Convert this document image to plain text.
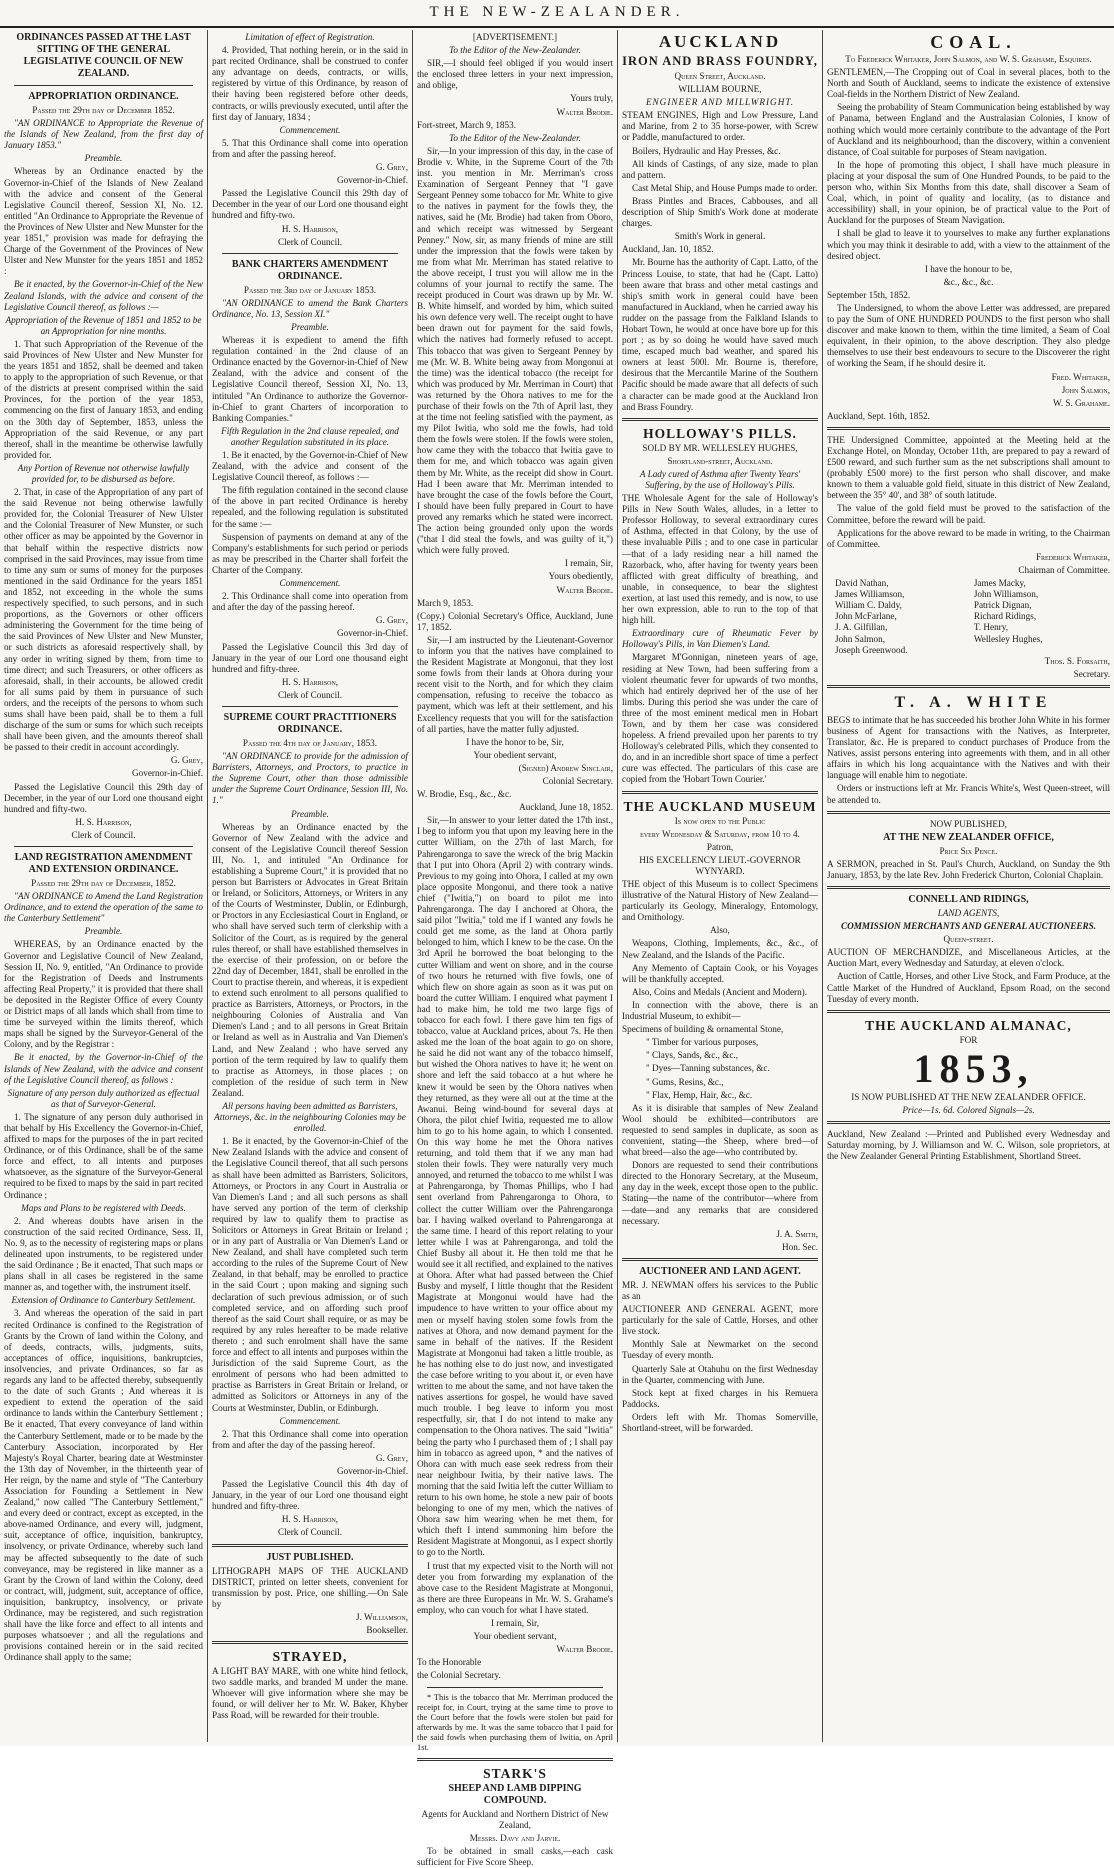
THE NEW-ZEALANDER.

ORDINANCES PASSED AT THE LAST SITTING OF THE GENERAL LEGISLATIVE COUNCIL OF NEW ZEALAND.

APPROPRIATION ORDINANCE.

Passed the 29th day of December 1852.

"AN ORDINANCE to Appropriate the Revenue of the Islands of New Zealand, from the first day of January 1853."

Preamble.

Whereas by an Ordinance enacted by the Governor-in-Chief of the Islands of New Zealand with the advice and consent of the General Legislative Council thereof, Session XI, No. 12. entitled "An Ordinance to Appropriate the Revenue of the Provinces of New Ulster and New Munster for the year 1851," provision was made for defraying the Charge of the Government of the Provinces of New Ulster and New Munster for the years 1851 and 1852 :

Be it enacted, by the Governor-in-Chief of the New Zealand Islands, with the advice and consent of the Legislative Council thereof, as follows :—

Appropriation of the Revenue of 1851 and 1852 to be an Appropriation for nine months.

1. That such Appropriation of the Revenue of the said Provinces of New Ulster and New Munster for the years 1851 and 1852, shall be deemed and taken to apply to the appropriation of such Revenue, or that of the districts at present comprised within the said Provinces, for the portion of the year 1853, commencing on the first of January 1853, and ending on the 30th day of September, 1853, unless the Appropriation of the said Revenue, or any part thereof, shall in the meantime be otherwise lawfully provided for.

Any Portion of Revenue not otherwise lawfully provided for, to be disbursed as before.

2. That, in case of the Appropriation of any part of the said Revenue not being otherwise lawfully provided for, the Colonial Treasurer of New Ulster and the Colonial Treasurer of New Munster, or such other officer as may be appointed by the Governor in that behalf within the respective districts now comprised in the said Provinces, may issue from time to time any sum or sums of money for the purposes mentioned in the said Ordinance for the years 1851 and 1852, not exceeding in the whole the sums respectively specified, to such persons, and in such proportions, as the Governors or other officers administering the Government for the time being of the said Provinces of New Ulster and New Munster, or such districts as aforesaid respectively shall, by any order in writing signed by them, from time to time direct; and such Treasurers, or other officers as aforesaid, shall, in their accounts, be allowed credit for all sums paid by them in pursuance of such orders, and the receipts of the persons to whom such sums shall have been paid, shall be to them a full discharge of the sum or sums for which such receipts shall have been given, and the amounts thereof shall be passed to their credit in account accordingly.

G. Grey,

Governor-in-Chief.

Passed the Legislative Council this 29th day of December, in the year of our Lord one thousand eight hundred and fifty-two.

H. S. Harrison,

Clerk of Council.

LAND REGISTRATION AMENDMENT AND EXTENSION ORDINANCE.

Passed the 29th day of December, 1852.

"AN ORDINANCE to Amend the Land Registration Ordinance, and to extend the operation of the same to the Canterbury Settlement"

Preamble.

WHEREAS, by an Ordinance enacted by the Governor and Legislative Council of New Zealand, Session II, No. 9, entitled, "An Ordinance to provide for the Registration of Deeds and Instruments affecting Real Property," it is provided that there shall be deposited in the Register Office of every County or District maps of all lands which shall from time to time be surveyed within the limits thereof, which maps shall be signed by the Surveyor-General of the Colony, and by the Registrar :

Be it enacted, by the Governor-in-Chief of the Islands of New Zealand, with the advice and consent of the Legislative Council thereof, as follows :

Signature of any person duly authorized as effectual as that of Surveyor-General.

1. The signature of any person duly authorised in that behalf by His Excellency the Governor-in-Chief, affixed to maps for the purposes of the in part recited Ordinance, or of this Ordinance, shall be of the same force and effect, to all intents and purposes whatsoever, as the signature of the Surveyor-General required to be fixed to maps by the said in part recited Ordinance ;

Maps and Plans to be registered with Deeds.

2. And whereas doubts have arisen in the construction of the said recited Ordinance, Sess. II, No. 9, as to the necessity of registering maps or plans delineated upon instruments, to be registered under the said Ordinance ; Be it enacted, That such maps or plans shall in all cases be registered in the same manner as, and together with, the instrument itself.

Extension of Ordinance to Canterbury Settlement.

3. And whereas the operation of the said in part recited Ordinance is confined to the Registration of Grants by the Crown of land within the Colony, and of deeds, contracts, wills, judgments, suits, acceptances of office, inquisitions, bankruptcies, insolvencies, and private Ordinances, so far as regards any land to be affected thereby, subsequently to the date of such Grants ; And whereas it is expedient to extend the operation of the said ordinance to lands within the Canterbury Settlement ; Be it enacted, That every conveyance of land within the Canterbury Settlement, made or to be made by the Canterbury Association, incorporated by Her Majesty's Royal Charter, bearing date at Westminster the 13th day of November, in the thirteenth year of Her reign, by the name and style of "The Canterbury Association for Founding a Settlement in New Zealand," now called "The Canterbury Settlement," and every deed or contract, except as excepted, in the above-named Ordinance, and every will, judgment, suit, acceptance of office, inquisition, bankruptcy, insolvency, or private Ordinance, whereby such land may be affected subsequently to the date of such conveyance, may be registered in like manner as a Grant by the Crown of land within the Colony, deed or contract, will, judgment, suit, acceptance of office, inquisition, bankruptcy, insolvency, or private Ordinance, may be registered, and such registration shall have the like force and effect to all intents and purposes whatsoever ; and all the regulations and provisions contained herein or in the said recited Ordinance shall apply to the same;

Limitation of effect of Registration.

4. Provided, That nothing herein, or in the said in part recited Ordinance, shall be construed to confer any advantage on deeds, contracts, or wills, registered by virtue of this Ordinance, by reason of their having been registered before other deeds, contracts, or wills previously executed, until after the first day of January, 1834 ;

Commencement.

5. That this Ordinance shall come into operation from and after the passing hereof.

G. Grey,

Governor-in-Chief.

Passed the Legislative Council this 29th day of December in the year of our Lord one thousand eight hundred and fifty-two.

H. S. Harrison,

Clerk of Council.

BANK CHARTERS AMENDMENT ORDINANCE.

Passed the 3rd day of January 1853.

"AN ORDINANCE to amend the Bank Charters Ordinance, No. 13, Session XI."

Preamble.

Whereas it is expedient to amend the fifth regulation contained in the 2nd clause of an Ordinance enacted by the Governor-in-Chief of New Zealand, with the advice and consent of the Legislative Council thereof, Session XI, No. 13, intituled "An Ordinance to authorize the Governor-in-Chief to grant Charters of incorporation to Banking Companies."

Fifth Regulation in the 2nd clause repealed, and another Regulation substituted in its place.

1. Be it enacted, by the Governor-in-Chief of New Zealand, with the advice and consent of the Legislative Council thereof, as follows :—

The fifth regulation contained in the second clause of the above in part recited Ordinance is hereby repealed, and the following regulation is substituted for the same :—

Suspension of payments on demand at any of the Company's establishments for such period or periods as may be prescribed in the Charter shall forfeit the Charter of the Company.

Commencement.

2. This Ordinance shall come into operation from and after the day of the passing hereof.

G. Grey,

Governor-in-Chief.

Passed the Legislative Council this 3rd day of January in the year of our Lord one thousand eight hundred and fifty-three.

H. S. Harrison,

Clerk of Council.

SUPREME COURT PRACTITIONERS ORDINANCE.

Passed the 4th day of January, 1853.

"AN ORDINANCE to provide for the admission of Barristers, Attorneys, and Proctors, to practice in the Supreme Court, other than those admissible under the Supreme Court Ordinance, Session III, No. 1."

Preamble.

Whereas by an Ordinance enacted by the Governor of New Zealand with the advice and consent of the Legislative Council thereof Session III, No. 1, and intituled "An Ordinance for establishing a Supreme Court," it is provided that no person but Barristers or Advocates in Great Britain or Ireland, or Solicitors, Attorneys, or Writers in any of the Courts of Westminster, Dublin, or Edinburgh, or Proctors in any Ecclesiastical Court in England, or who shall have served such term of clerkship with a Solicitor of the Court, as is required by the general rules thereof, or shall have established themselves in the exercise of their profession, on or before the 22nd day of December, 1841, shall be enrolled in the Court to practise therein, and whereas, it is expedient to extend such enrolment to all persons qualified to practice as Barristers, Attorneys, or Proctors, in the neighbouring Colonies of Australia and Van Diemen's Land ; and to all persons in Great Britain or Ireland as well as in Australia and Van Diemen's Land, and New Zealand ; who have served any portion of the term required by law to qualify them to practise as Attorneys, in those places ; on completion of the residue of such term in New Zealand.

All persons having been admitted as Barristers, Attorneys, &c. in the neighbouring Colonies may be enrolled.

1. Be it enacted, by the Governor-in-Chief of the New Zealand Islands with the advice and consent of the Legislative Council thereof, that all such persons as shall have been admitted as Barristers, Solicitors, Attorneys, or Proctors in any Court in Australia or Van Diemen's Land ; and all such persons as shall have served any portion of the term of clerkship required by law to qualify them to practise as Solicitors or Attorneys in Great Britain or Ireland ; or in any part of Australia or Van Diemen's Land or New Zealand, and shall have completed such term according to the rules of the Supreme Court of New Zealand, in that behalf, may be enrolled to practice in the said Court ; upon making and signing such declaration of such previous admission, or of such completed service, and on affording such proof thereof as the said Court shall require, or as may be required by any rules hereafter to be made relative thereto ; and such enrolment shall have the same force and effect to all intents and purposes within the Jurisdiction of the said Supreme Court, as the enrolment of persons who had been admitted to practise as Barristers in Great Britain or Ireland, or admitted as Solicitors or Attorneys in any of the Courts at Westminster, Dublin, or Edinburgh.

Commencement.

2. That this Ordinance shall come into operation from and after the day of the passing hereof.

G. Grey,

Governor-in-Chief.

Passed the Legislative Council this 4th day of January, in the year of our Lord one thousand eight hundred and fifty-three.

H. S. Harrison,

Clerk of Council.

JUST PUBLISHED.

LITHOGRAPH MAPS OF THE AUCKLAND DISTRICT, printed on letter sheets, convenient for transmission by post. Price, one shilling.—On Sale by

J. Williamson,

Bookseller.

STRAYED,

A LIGHT BAY MARE, with one white hind fetlock, two saddle marks, and branded M under the mane. Whoever will give information where she may be found, or will deliver her to Mr. W. Baker, Khyber Pass Road, will be rewarded for their trouble.

[ADVERTISEMENT.]

To the Editor of the New-Zealander.

SIR,—I should feel obliged if you would insert the enclosed three letters in your next impression, and oblige,

Yours truly,

Walter Brodie.

Fort-street, March 9, 1853.

To the Editor of the New-Zealander.

Sir,—In your impression of this day, in the case of Brodie v. White, in the Supreme Court of the 7th inst. you mention in Mr. Merriman's cross Examination of Sergeant Penney that "I gave Sergeant Penney some tobacco for Mr. White to give to the natives in payment for the fowls they, the natives, said he (Mr. Brodie) had taken from Oboro, and which receipt was witnessed by Sergeant Penney." Now, sir, as many friends of mine are still under the impression that the fowls were taken by me from what Mr. Merriman has stated relative to the above receipt, I trust you will allow me in the columns of your journal to rectify the same. The receipt produced in Court was drawn up by Mr. W. B. White himself, and worded by him, which suited his own defence very well. The receipt ought to have been drawn out for payment for the said fowls, which the natives had formerly refused to accept. This tobacco that was given to Sergeant Penney by me (Mr. W. B. White being away from Mongonui at the time) was the identical tobacco (the receipt for which was produced by Mr. Merriman in Court) that was returned by the Ohora natives to me for the purchase of their fowls on the 7th of April last, they at the time not feeling satisfied with the payment, as my Pilot Iwitia, who sold me the fowls, had told them the fowls were stolen. If the fowls were stolen, how came they with the tobacco that Iwitia gave to them for me, and which tobacco was again given them by Mr. White, as the receipt did show in Court. Had I been aware that Mr. Merriman intended to have brought the case of the fowls before the Court, I should have been fully prepared in Court to have proved any remarks which he stated were incorrect. The action being grounded only upon the words ("that I did steal the fowls, and was guilty of it,") which were fully proved.

I remain, Sir,

Yours obediently,

Walter Brodie.

March 9, 1853.

(Copy.) Colonial Secretary's Office, Auckland, June 17, 1852.

Sir,—I am instructed by the Lieutenant-Governor to inform you that the natives have complained to the Resident Magistrate at Mongonui, that they lost some fowls from their lands at Ohora during your recent visit to the North, and for which they claim compensation, refusing to receive the tobacco as payment, which was left at their settlement, and his Excellency requests that you will for the satisfaction of all parties, have the matter fully adjusted.

I have the honor to be, Sir,

Your obedient servant,

(Signed) Andrew Sinclair,

Colonial Secretary.

W. Brodie, Esq., &c., &c.

Auckland, June 18, 1852.

Sir,—In answer to your letter dated the 17th inst., I beg to inform you that upon my leaving here in the cutter William, on the 27th of last March, for Pahrengaronga to save the wreck of the brig Mackin that I put into Ohora (April 2) with contrary winds. Previous to my going into Ohora, I called at my own place opposite Mongonui, and there took a native chief ("Iwitia,") on board to pilot me into Pahrengaronga. The day I anchored at Ohora, the said pilot "Iwitia," told me if I wanted any fowls he could get me some, as the land at Ohora partly belonged to him, which I knew to be the case. On the 3rd April he borrowed the boat belonging to the cutter William and went on shore, and in the course of two hours he returned with five fowls, one of which flew on shore again as soon as it was put on board the cutter William. I enquired what payment I had to make him, he told me two large figs of tobacco for each fowl. I there gave him ten figs of tobacco, value at Auckland prices, about 7s. He then asked me the loan of the boat again to go on shore, he said he did not want any of the tobacco himself, but wished the Ohora natives to have it; he went on shore and left the said tobacco at a hut where he knew it would be seen by the Ohora natives when they returned, as they were all out at the time at the Awanui. Being wind-bound for several days at Ohora, the pilot chief Iwitia, requested me to allow him to go to his home again, to which I consented. On this way home he met the Ohora natives returning, and told them that if we any man had stolen their fowls. They were naturally very much annoyed, and returned the tobacco to me whilst I was at Pahrengaronga, by Thomas Phillips, who I had sent overland from Pahrengaronga to Ohora, to collect the cutter William over the Pahrengaronga bar. I having walked overland to Pahrengaronga at the same time. I heard of this report relating to your letter while I was at Pahrengaronga, and told the Chief Busby all about it. He then told me that he would see it all rectified, and explained to the natives at Ohora. After what had passed between the Chief Busby and myself, I little thought that the Resident Magistrate at Mongonui would have had the impudence to have written to your office about my men or myself having stolen some fowls from the natives at Ohora, and now demand payment for the same in behalf of the natives. If the Resident Magistrate at Mongonui had taken a little trouble, as he has nothing else to do just now, and investigated the case before writing to you about it, or even have written to me about the same, and not have taken the natives assertions for gospel, he would have saved much trouble. I beg leave to inform you most respectfully, sir, that I do not intend to make any compensation to the Ohora natives. The said "Iwitia" being the party who I purchased them of ; I shall pay him in tobacco as agreed upon, * and the natives of Ohora can with much ease seek redress from their near neighbour Iwitia, by their native laws. The morning that the said Iwitia left the cutter William to return to his own home, he stole a new pair of boots belonging to one of my men, which the natives of Ohora saw him wearing when he met them, for which theft I intend summoning him before the Resident Magistrate at Mongonui, as I expect shortly to go to the North.

I trust that my expected visit to the North will not deter you from forwarding my explanation of the above case to the Resident Magistrate at Mongonui, as there are three Europeans in Mr. W. S. Grahame's employ, who can vouch for what I have stated.

I remain, Sir,

Your obedient servant,

Walter Brodie.

To the Honorable

the Colonial Secretary.

* This is the tobacco that Mr. Merriman produced the receipt for, in Court, trying at the same time to prove to the Court before that the fowls were stolen but paid for afterwards by me. It was the same tobacco that I paid for the said fowls when purchasing them of Iwitia, on April 1st.

STARK'S

SHEEP AND LAMB DIPPING COMPOUND.

Agents for Auckland and Northern District of New Zealand,

Messrs. Davy and Jarvie.

To be obtained in small casks,—each cask sufficient for Five Score Sheep.

AUCKLAND

IRON AND BRASS FOUNDRY,

Queen Street, Auckland.

WILLIAM BOURNE,

ENGINEER AND MILLWRIGHT.

STEAM ENGINES, High and Low Pressure, Land and Marine, from 2 to 35 horse-power, with Screw or Paddle, manufactured to order.

Boilers, Hydraulic and Hay Presses, &c.

All kinds of Castings, of any size, made to plan and pattern.

Cast Metal Ship, and House Pumps made to order.

Brass Pintles and Braces, Cabbouses, and all description of Ship Smith's Work done at moderate charges.

Smith's Work in general.

Auckland, Jan. 10, 1852.

Mr. Bourne has the authority of Capt. Latto, of the Princess Louise, to state, that had he (Capt. Latto) been aware that brass and other metal castings and ship's smith work in general could have been manufactured in Auckland, when he carried away his rudder on the passage from the Falkland Islands to Hobart Town, he would at once have bore up for this port ; as by so doing he would have saved much time, escaped much bad weather, and spared his owners at least 500l. Mr. Bourne is, therefore, desirous that the Mercantile Marine of the Southern Pacific should be made aware that all defects of such a character can be made good at the Auckland Iron and Brass Foundry.

HOLLOWAY'S PILLS.

SOLD BY MR. WELLESLEY HUGHES,

Shortland-street, Auckland.

A Lady cured of Asthma after Twenty Years' Suffering, by the use of Holloway's Pills.

THE Wholesale Agent for the sale of Holloway's Pills in New South Wales, alludes, in a letter to Professor Holloway, to several extraordinary cures of Asthma, effected in that Colony, by the use of these invaluable Pills ; and to one case in particular—that of a lady residing near a hill named the Razorback, who, after having for twenty years been afflicted with great difficulty of breathing, and unable, in consequence, to bear the slightest exertion, at last used this remedy, and is now, to use her own expression, able to run to the top of that high hill.

Extraordinary cure of Rheumatic Fever by Holloway's Pills, in Van Diemen's Land.

Margaret M'Gonnigan, nineteen years of age, residing at New Town, had been suffering from a violent rheumatic fever for upwards of two months, which had entirely deprived her of the use of her limbs. During this period she was under the care of three of the most eminent medical men in Hobart Town, and by them her case was considered hopeless. A friend prevailed upon her parents to try Holloway's celebrated Pills, which they consented to do, and in an incredible short space of time a perfect cure was effected. The particulars of this case are copied from the 'Hobart Town Courier.'

THE AUCKLAND MUSEUM

Is now open to the Public

every Wednesday & Saturday, from 10 to 4.

Patron,

HIS EXCELLENCY LIEUT.-GOVERNOR WYNYARD.

THE object of this Museum is to collect Specimens illustrative of the Natural History of New Zealand—particularly its Geology, Mineralogy, Entomology, and Ornithology.

Also,

Weapons, Clothing, Implements, &c., &c., of New Zealand, and the Islands of the Pacific.

Any Memento of Captain Cook, or his Voyages will be thankfully accepted.

Also, Coins and Medals (Ancient and Modern).

In connection with the above, there is an Industrial Museum, to exhibit—

Specimens of building & ornamental Stone,

" Timber for various purposes,

" Clays, Sands, &c., &c.,

" Dyes—Tanning substances, &c.

" Gums, Resins, &c.,

" Flax, Hemp, Hair, &c., &c.

As it is disirable that samples of New Zealand Wool should be exhibited—contributors are requested to send samples in duplicate, as soon as convenient, stating—the Sheep, where bred—of what breed—also the age—who contributed by.

Donors are requested to send their contributions directed to the Honorary Secretary, at the Museum, any day in the week, except those open to the public. Stating—the name of the contributor—where from—date—and any remarks that are considered necessary.

J. A. Smith,

Hon. Sec.

AUCTIONEER AND LAND AGENT.

MR. J. NEWMAN offers his services to the Public as an

AUCTIONEER AND GENERAL AGENT, more particularly for the sale of Cattle, Horses, and other live stock.

Monthly Sale at Newmarket on the second Tuesday of every month.

Quarterly Sale at Otahuhu on the first Wednesday in the Quarter, commencing with June.

Stock kept at fixed charges in his Remuera Paddocks.

Orders left with Mr. Thomas Somerville, Shortland-street, will be forwarded.

COAL.

To Frederick Whitaker, John Salmon, and W. S. Grahame, Esquires.

GENTLEMEN,—The Cropping out of Coal in several places, both to the North and South of Auckland, seems to indicate the existence of extensive Coal-fields in the Northern District of New Zealand.

Seeing the probability of Steam Communication being established by way of Panama, between England and the Australasian Colonies, I know of nothing which would more certainly contribute to the advantage of the Port of Auckland and its neighbourhood, than the discovery, within a convenient distance, of Coal suitable for purposes of Steam navigation.

In the hope of promoting this object, I shall have much pleasure in placing at your disposal the sum of One Hundred Pounds, to be paid to the person who, within Six Months from this date, shall discover a Seam of Coal, which, in point of quality and locality, (as to distance and accessibility) shall, in your opinion, be of practical value to the Port of Auckland for the purposes of Steam Navigation.

I shall be glad to leave it to yourselves to make any further explanations which you may think it desirable to add, with a view to the attainment of the desired object.

I have the honour to be,

&c., &c., &c.

September 15th, 1852.

The Undersigned, to whom the above Letter was addressed, are prepared to pay the Sum of ONE HUNDRED POUNDS to the first person who shall discover and make known to them, within the time limited, a Seam of Coal equivalent, in their opinion, to the above description. They also pledge themselves to use their best endeavours to secure to the Discoverer the right of working the Seam, if he should desire it.

Fred. Whitaker,

John Salmon,

W. S. Grahame.

Auckland, Sept. 16th, 1852.

THE Undersigned Committee, appointed at the Meeting held at the Exchange Hotel, on Monday, October 11th, are prepared to pay a reward of £500 reward, and such further sum as the net subscriptions shall amount to (probably £500 more) to the first person who shall discover, and make known to them a valuable gold field, situate in this district of New Zealand, between the 35° 40', and 38° of south latitude.

The value of the gold field must be proved to the satisfaction of the Committee, before the reward will be paid.

Applications for the above reward to be made in writing, to the Chairman of Committee.

Frederick Whitaker,

Chairman of Committee.

David Nathan,
James Williamson,
William C. Daldy,
John McFarlane,
J. A. Gilfillan,
John Salmon,
Joseph Greenwood.
James Macky,
John Williamson,
Patrick Dignan,
Richard Ridings,
T. Henry,
Wellesley Hughes,

Thos. S. Forsaith,

Secretary.

T. A. WHITE

BEGS to intimate that he has succeeded his brother John White in his former business of Agent for transactions with the Natives, as Interpreter, Translator, &c. He is prepared to conduct purchases of Produce from the Natives, assist persons entering into agreements with them, and in all other affairs in which his long acquaintance with the Natives and with their language will enable him to negotiate.

Orders or instructions left at Mr. Francis White's, West Queen-street, will be attended to.

NOW PUBLISHED,

AT THE NEW ZEALANDER OFFICE,

Price Six Pence.

A SERMON, preached in St. Paul's Church, Auckland, on Sunday the 9th January, 1853, by the late Rev. John Frederick Churton, Colonial Chaplain.

CONNELL AND RIDINGS,

LAND AGENTS,

COMMISSION MERCHANTS AND GENERAL AUCTIONEERS.

Queen-street.

AUCTION OF MERCHANDIZE, and Miscellaneous Articles, at the Auction Mart, every Wednesday and Saturday, at eleven o'clock.

Auction of Cattle, Horses, and other Live Stock, and Farm Produce, at the Cattle Market of the Hundred of Auckland, Epsom Road, on the second Tuesday of every month.

THE AUCKLAND ALMANAC,

FOR

1853,

IS NOW PUBLISHED AT THE NEW ZEALANDER OFFICE.

Price—1s. 6d. Colored Signals—2s.

Auckland, New Zealand :—Printed and Published every Wednesday and Saturday morning, by J. Williamson and W. C. Wilson, sole proprietors, at the New Zealander General Printing Establishment, Shortland Street.
